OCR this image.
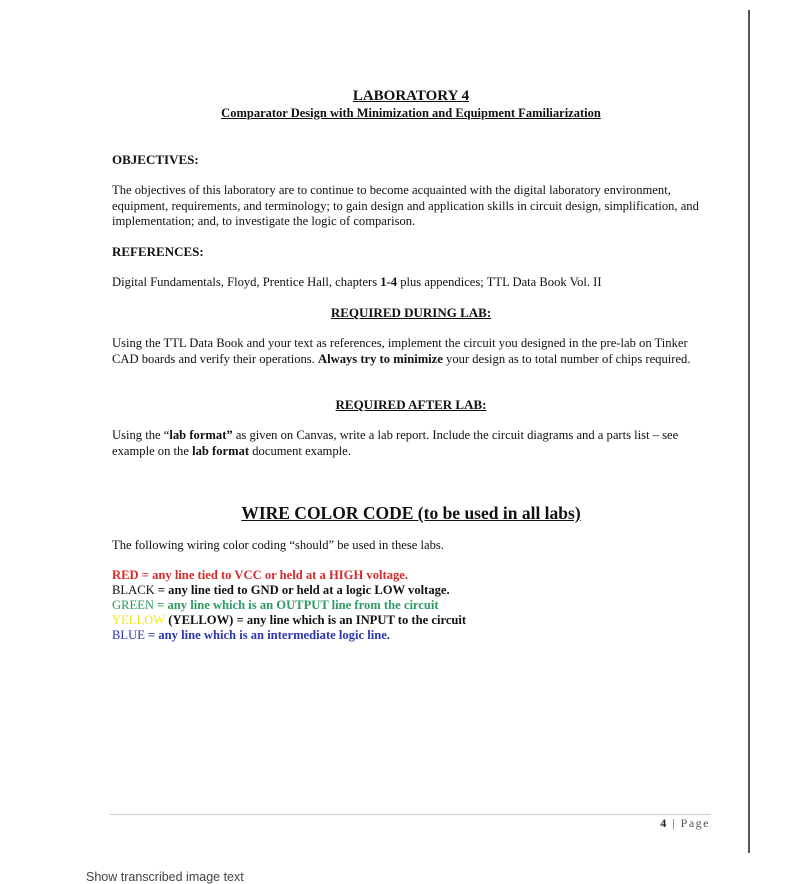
LABORATORY 4
Comparator Design with Minimization and Equipment Familiarization
OBJECTIVES:
The objectives of this laboratory are to continue to become acquainted with the digital laboratory environment, equipment, requirements, and terminology; to gain design and application skills in circuit design, simplification, and implementation; and, to investigate the logic of comparison.
REFERENCES:
Digital Fundamentals, Floyd, Prentice Hall, chapters 1-4 plus appendices; TTL Data Book Vol. II
REQUIRED DURING LAB:
Using the TTL Data Book and your text as references, implement the circuit you designed in the pre-lab on Tinker CAD boards and verify their operations. Always try to minimize your design as to total number of chips required.
REQUIRED AFTER LAB:
Using the “lab format” as given on Canvas, write a lab report. Include the circuit diagrams and a parts list – see example on the lab format document example.
WIRE COLOR CODE (to be used in all labs)
The following wiring color coding “should” be used in these labs.
RED = any line tied to VCC or held at a HIGH voltage.
BLACK = any line tied to GND or held at a logic LOW voltage.
GREEN = any line which is an OUTPUT line from the circuit
YELLOW (YELLOW) = any line which is an INPUT to the circuit
BLUE = any line which is an intermediate logic line.
4 | Page
Show transcribed image text
